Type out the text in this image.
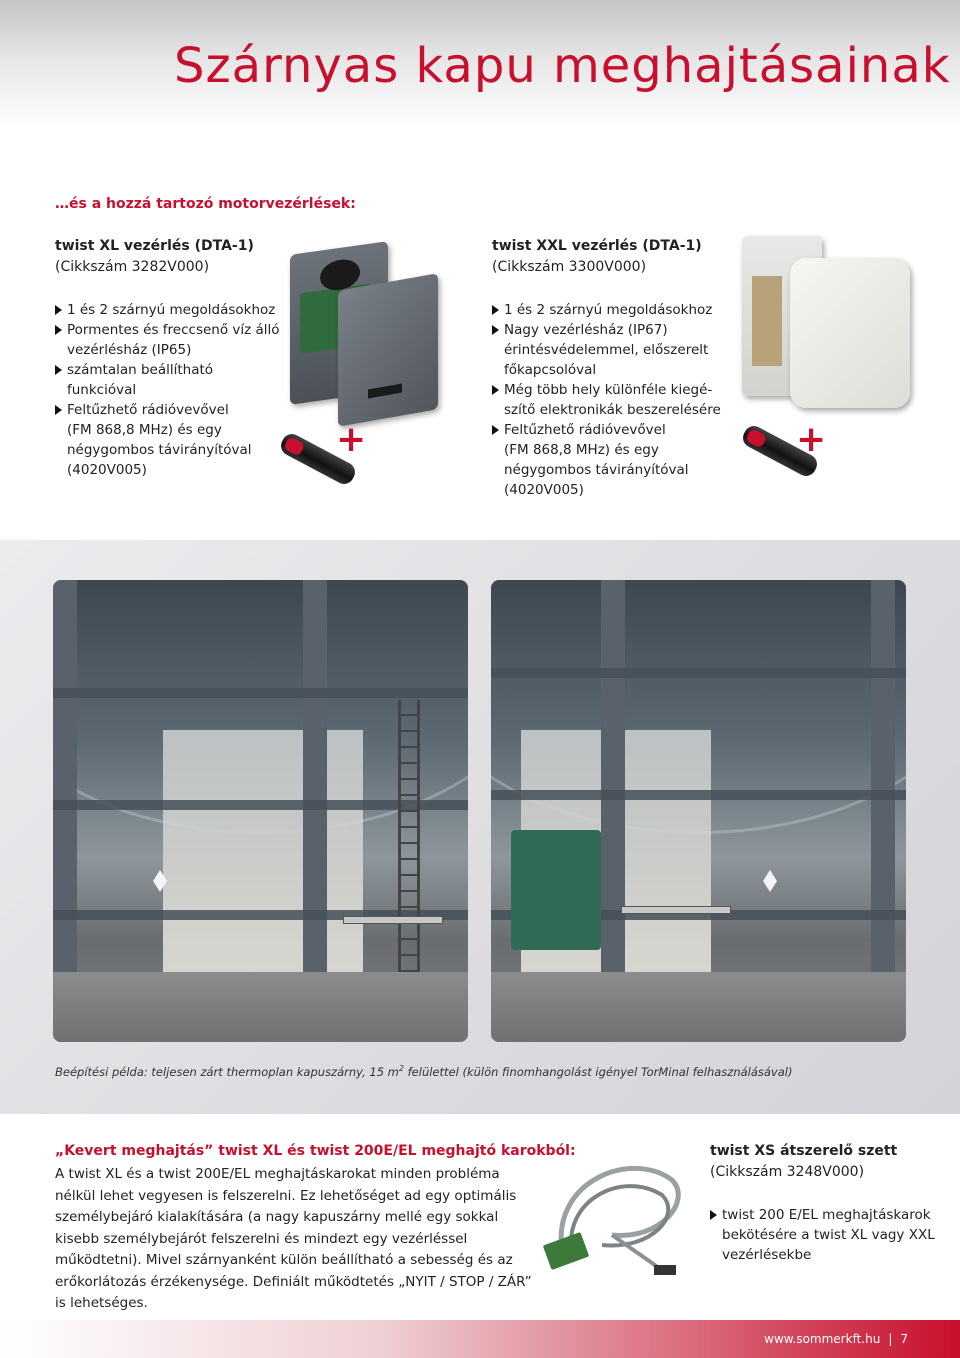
Szárnyas kapu meghajtásainak
…és a hozzá tartozó motorvezérlések:
twist XL vezérlés (DTA-1)
(Cikkszám 3282V000)
1 és 2 szárnyú megoldásokhoz
Pormentes és freccsenő víz álló
vezérlésház (IP65)
számtalan beállítható funkcióval
Feltűzhető rádióvevővel
(FM 868,8 MHz) és egy
négygombos távirányítóval
(4020V005)
+
twist XXL vezérlés (DTA-1)
(Cikkszám 3300V000)
1 és 2 szárnyú megoldásokhoz
Nagy vezérlésház (IP67)
érintésvédelemmel, előszerelt
főkapcsolóval
Még több hely különféle kiegé-
szítő elektronikák beszerelésére
Feltűzhető rádióvevővel
(FM 868,8 MHz) és egy
négygombos távirányítóval
(4020V005)
+
Beépítési példa: teljesen zárt thermoplan kapuszárny, 15 $m^2$ felülettel (külön finomhangolást igényel TorMinal felhasználásával)
„Kevert meghajtás” twist XL és twist 200E/EL meghajtó karokból:
A twist XL és a twist 200E/EL meghajtáskarokat minden probléma nélkül lehet vegyesen is felszerelni. Ez lehetőséget ad egy optimális személybejáró kialakítására (a nagy kapuszárny mellé egy sokkal kisebb személybejárót felszerelni és mindezt egy vezérléssel működtetni). Mivel szárnyanként külön beállítható a sebesség és az erőkorlátozás érzékenysége. Definiált működtetés „NYIT / STOP / ZÁR” is lehetséges.
twist XS átszerelő szett
(Cikkszám 3248V000)
twist 200 E/EL meghajtáskarok
bekötésére a twist XL vagy XXL
vezérlésekbe
www.sommerkft.hu | 7
